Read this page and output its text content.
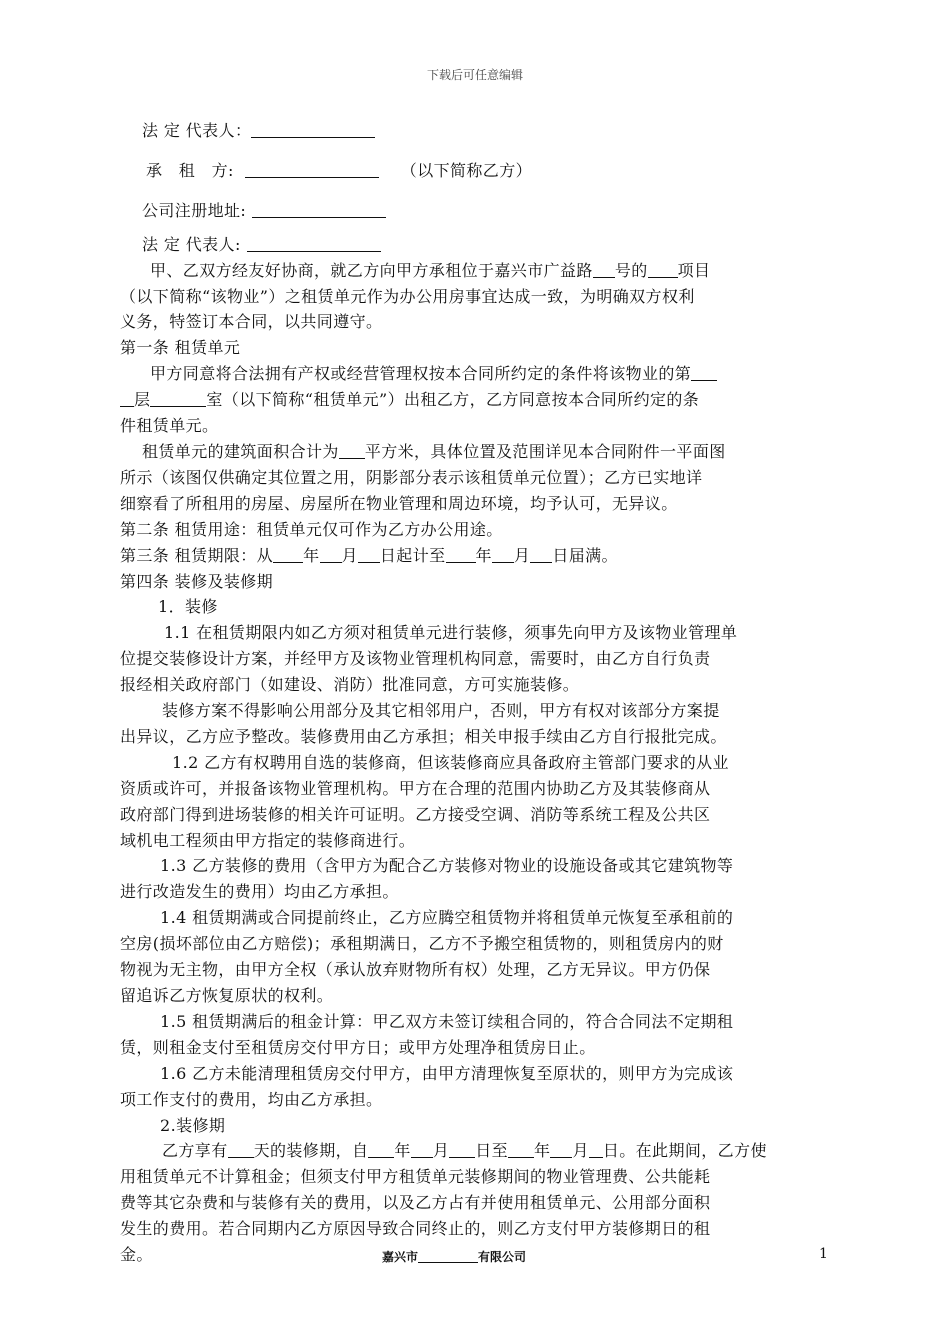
下载后可任意编辑
法 定 代表人：
承　租　方:	（以下简称乙方）
公司注册地址:
法 定 代表人:
甲、乙双方经友好协商，就乙方向甲方承租位于嘉兴市广益路 号的 项目
（以下简称“该物业”）之租赁单元作为办公用房事宜达成一致，为明确双方权利
义务，特签订本合同，以共同遵守。
第一条 租赁单元
甲方同意将合法拥有产权或经营管理权按本合同所约定的条件将该物业的第
层	室（以下简称“租赁单元”）出租乙方，乙方同意按本合同所约定的条
件租赁单元。
租赁单元的建筑面积合计为 平方米，具体位置及范围详见本合同附件一平面图
所示（该图仅供确定其位置之用，阴影部分表示该租赁单元位置）；乙方已实地详
细察看了所租用的房屋、房屋所在物业管理和周边环境，均予认可，无异议。
第二条 租赁用途：租赁单元仅可作为乙方办公用途。
第三条 租赁期限：从 年 月 日起计至 年 月 日届满。
第四条 装修及装修期
1．装修
1.1 在租赁期限内如乙方须对租赁单元进行装修，须事先向甲方及该物业管理单
位提交装修设计方案，并经甲方及该物业管理机构同意，需要时，由乙方自行负责
报经相关政府部门（如建设、消防）批准同意，方可实施装修。
装修方案不得影响公用部分及其它相邻用户，否则，甲方有权对该部分方案提
出异议，乙方应予整改。装修费用由乙方承担；相关申报手续由乙方自行报批完成。
1.2 乙方有权聘用自选的装修商，但该装修商应具备政府主管部门要求的从业
资质或许可，并报备该物业管理机构。甲方在合理的范围内协助乙方及其装修商从
政府部门得到进场装修的相关许可证明。乙方接受空调、消防等系统工程及公共区
域机电工程须由甲方指定的装修商进行。
1.3 乙方装修的费用（含甲方为配合乙方装修对物业的设施设备或其它建筑物等
进行改造发生的费用）均由乙方承担。
1.4 租赁期满或合同提前终止，乙方应腾空租赁物并将租赁单元恢复至承租前的
空房(损坏部位由乙方赔偿)；承租期满日，乙方不予搬空租赁物的，则租赁房内的财
物视为无主物，由甲方全权（承认放弃财物所有权）处理，乙方无异议。甲方仍保
留追诉乙方恢复原状的权利。
1.5 租赁期满后的租金计算：甲乙双方未签订续租合同的，符合合同法不定期租
赁，则租金支付至租赁房交付甲方日；或甲方处理净租赁房日止。
1.6 乙方未能清理租赁房交付甲方，由甲方清理恢复至原状的，则甲方为完成该
项工作支付的费用，均由乙方承担。
2.装修期
乙方享有 天的装修期，自 年 月 日至 年 月 日。在此期间，乙方使
用租赁单元不计算租金；但须支付甲方租赁单元装修期间的物业管理费、公共能耗
费等其它杂费和与装修有关的费用，以及乙方占有并使用租赁单元、公用部分面积
发生的费用。若合同期内乙方原因导致合同终止的，则乙方支付甲方装修期日的租
金。	嘉兴市	有限公司	1
